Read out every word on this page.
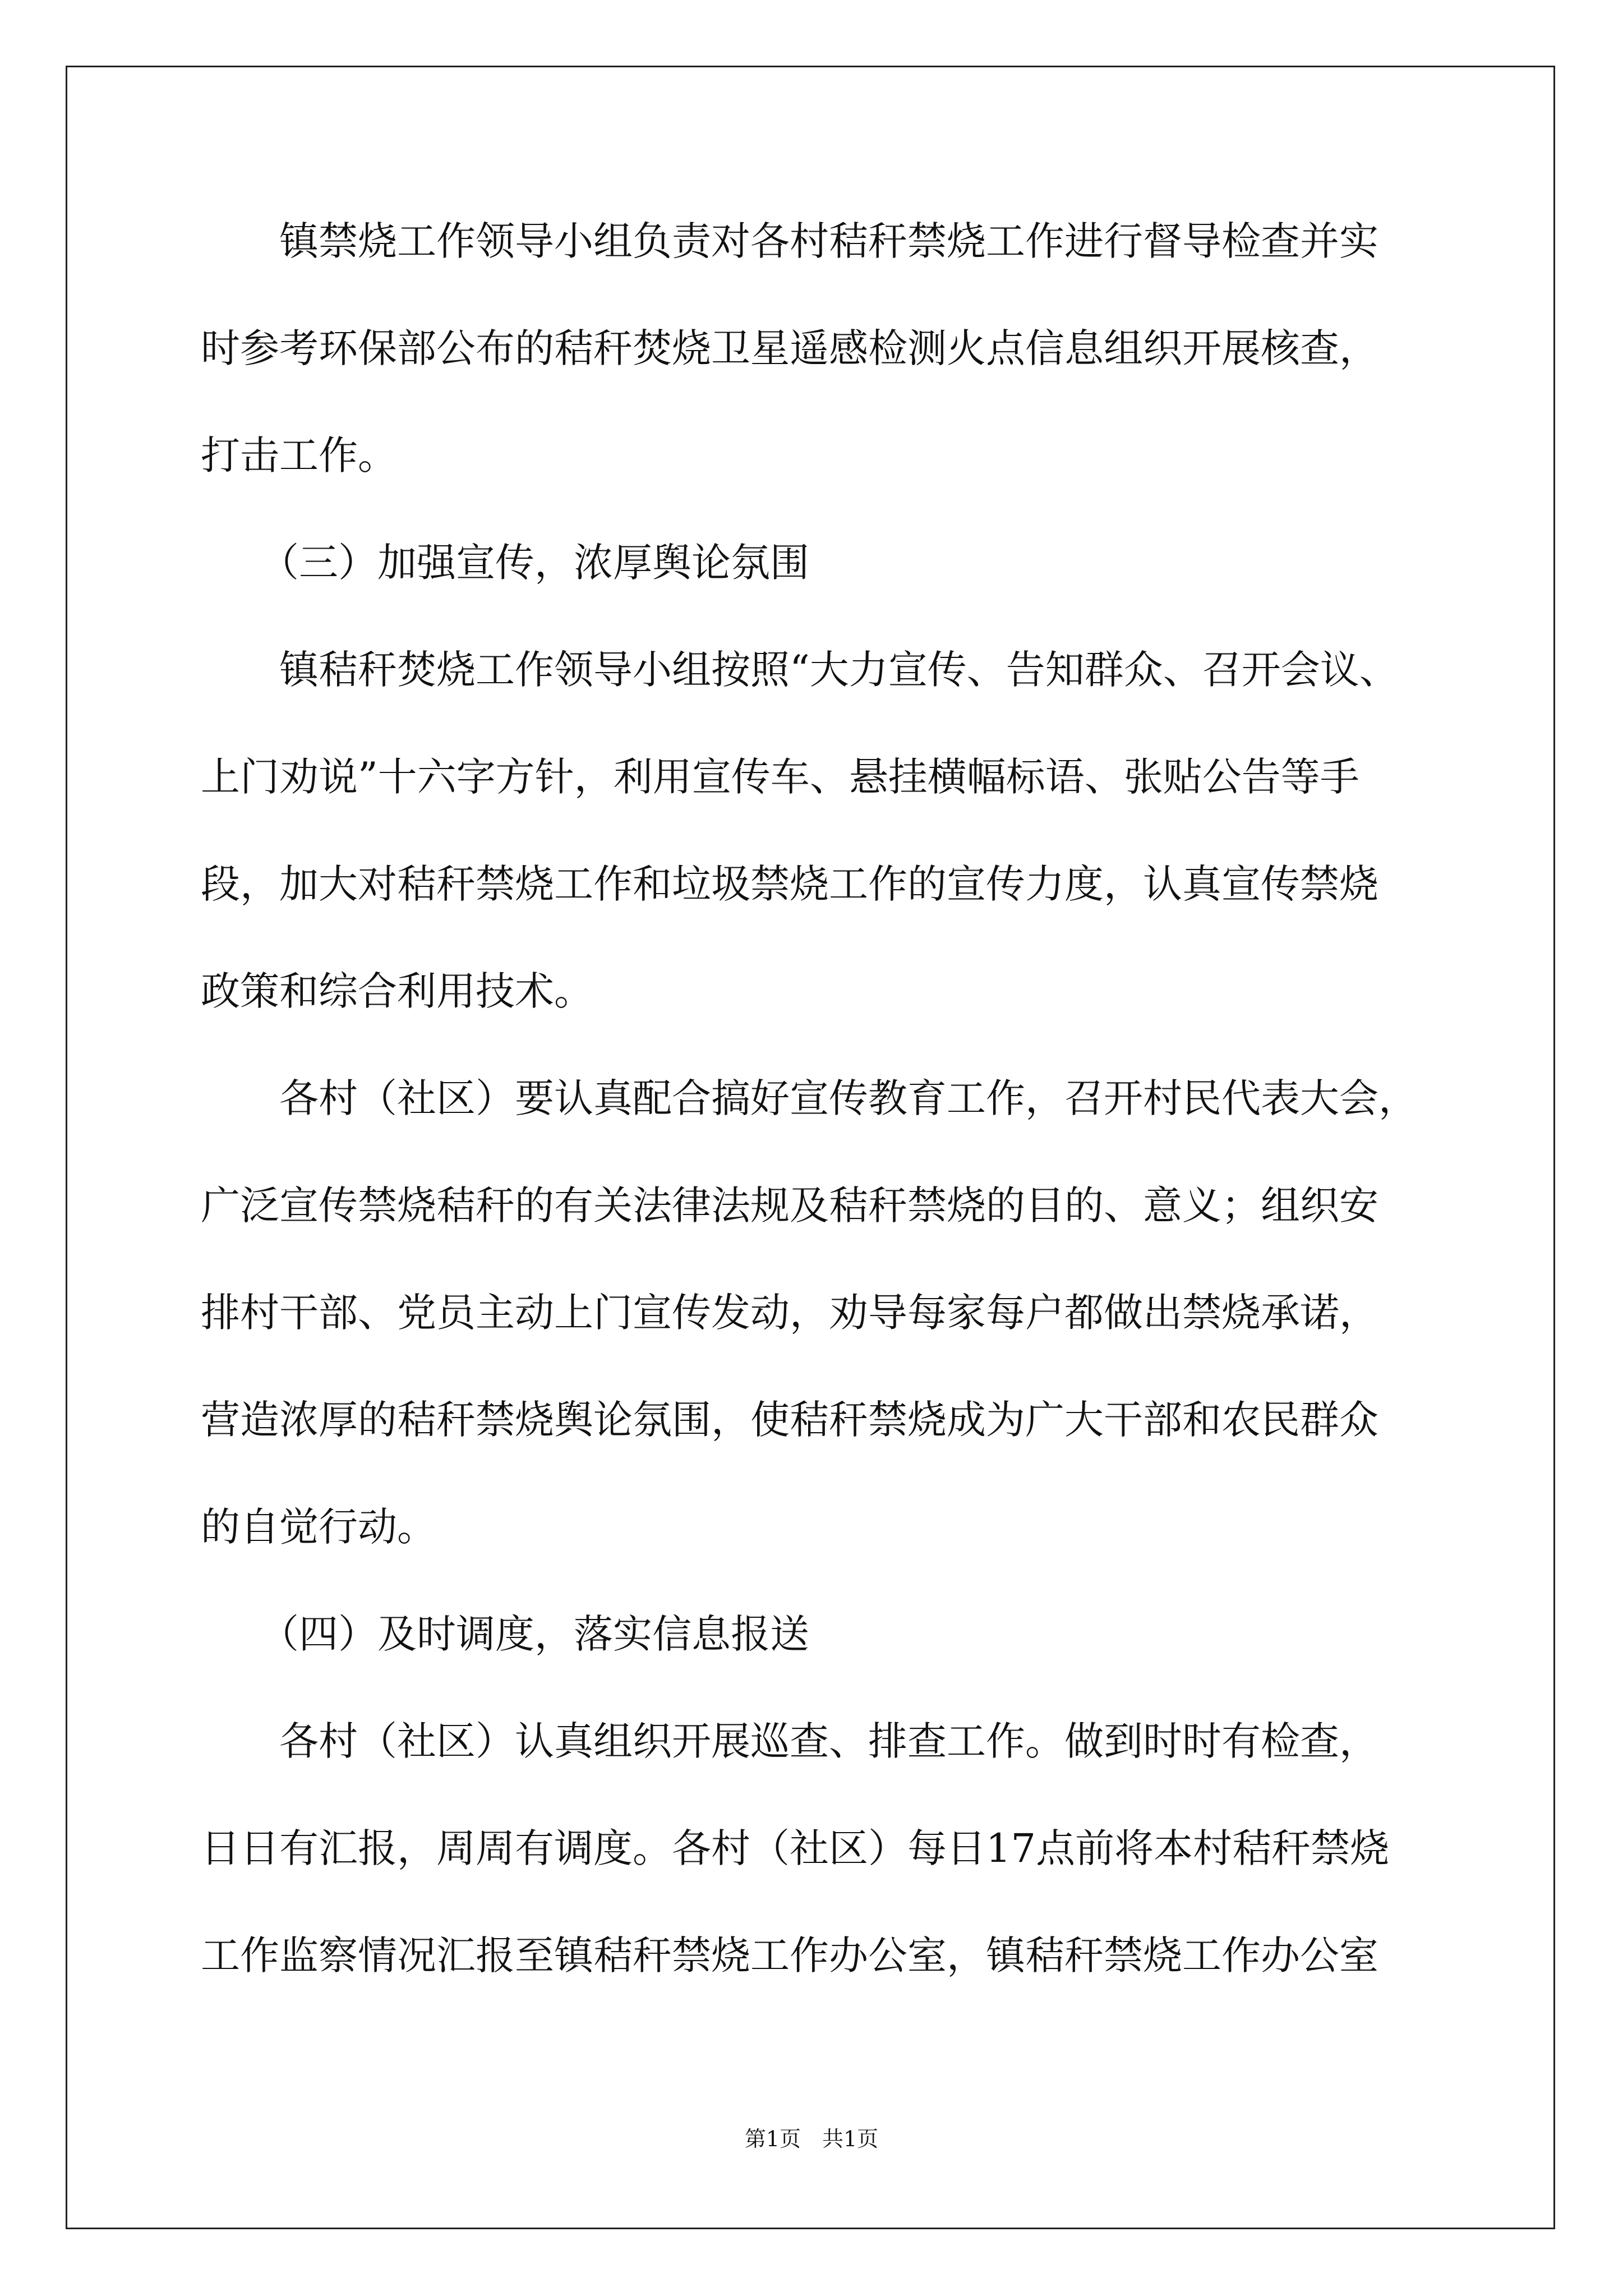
　　镇禁烧工作领导小组负责对各村秸秆禁烧工作进行督导检查并实
时参考环保部公布的秸秆焚烧卫星遥感检测火点信息组织开展核查，
打击工作。
　　（三）加强宣传，浓厚舆论氛围
　　镇秸秆焚烧工作领导小组按照“大力宣传、告知群众、召开会议、
上门劝说”十六字方针，利用宣传车、悬挂横幅标语、张贴公告等手
段，加大对秸秆禁烧工作和垃圾禁烧工作的宣传力度，认真宣传禁烧
政策和综合利用技术。
　　各村（社区）要认真配合搞好宣传教育工作，召开村民代表大会，
广泛宣传禁烧秸秆的有关法律法规及秸秆禁烧的目的、意义；组织安
排村干部、党员主动上门宣传发动，劝导每家每户都做出禁烧承诺，
营造浓厚的秸秆禁烧舆论氛围，使秸秆禁烧成为广大干部和农民群众
的自觉行动。
　　（四）及时调度，落实信息报送
　　各村（社区）认真组织开展巡查、排查工作。做到时时有检查，
日日有汇报，周周有调度。各村（社区）每日17点前将本村秸秆禁烧
工作监察情况汇报至镇秸秆禁烧工作办公室，镇秸秆禁烧工作办公室
第1页　共1页
